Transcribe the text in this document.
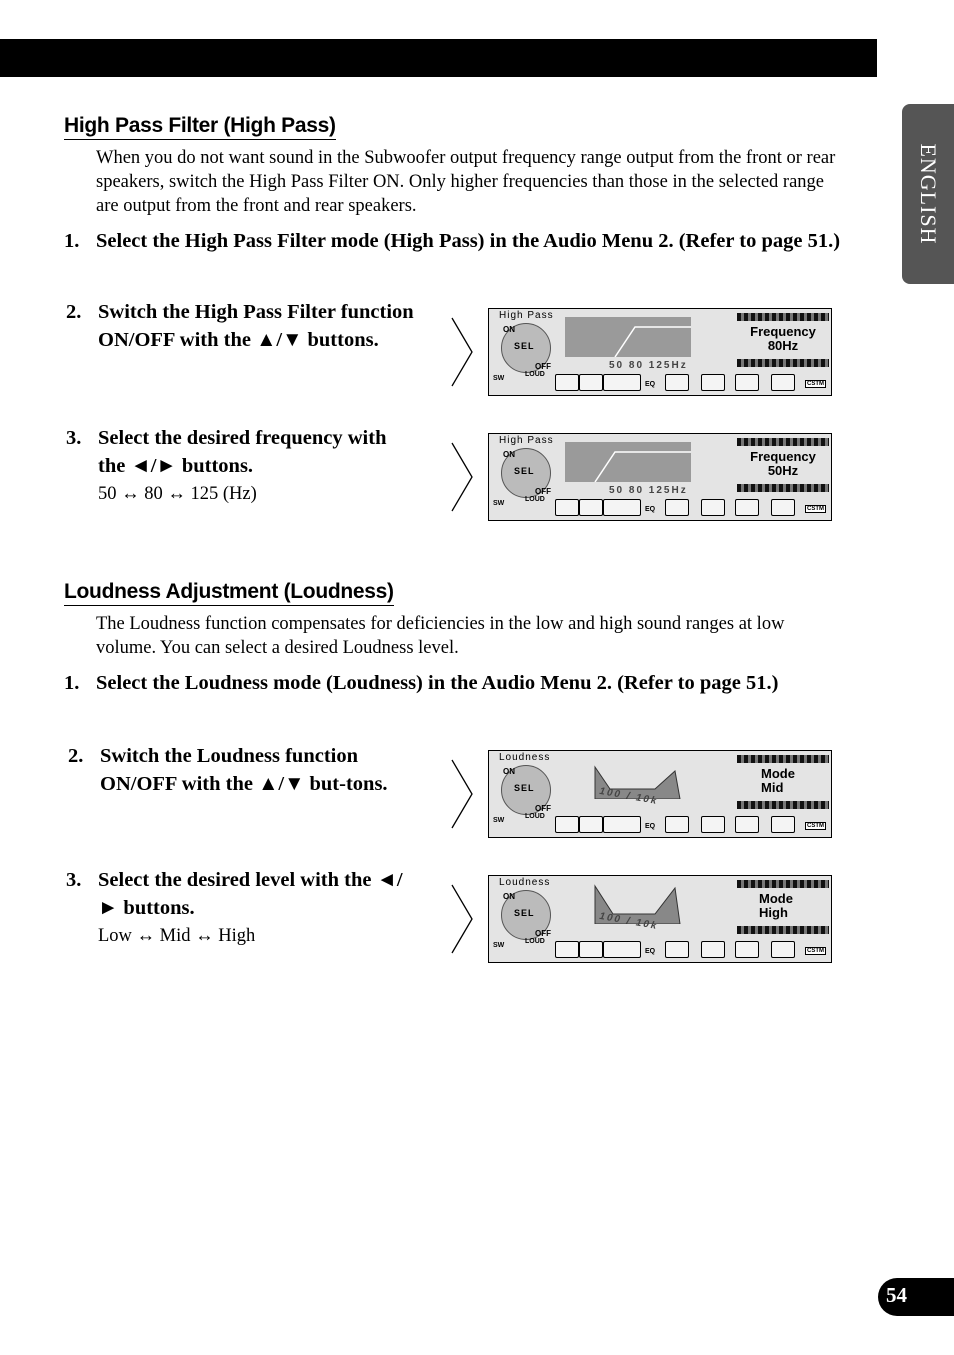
ENGLISH
High Pass Filter (High Pass)
When you do not want sound in the Subwoofer output frequency range output from the front or rear speakers, switch the High Pass Filter ON. Only higher frequencies than those in the selected range are output from the front and rear speakers.
1. Select the High Pass Filter mode (High Pass) in the Audio Menu 2. (Refer to page 51.)
2. Switch the High Pass Filter function ON/OFF with the ▲/▼ buttons.
3. Select the desired frequency with the ◄/► buttons.
50 ↔ 80 ↔ 125 (Hz)
High Pass
SEL
ON
OFF	50 80 125Hz
Frequency
80Hz
SW
LOUD
EQ	CSTM
High Pass
SEL
ON
OFF	50 80 125Hz
Frequency
50Hz
SW
LOUD
EQ	CSTM
Loudness Adjustment (Loudness)
The Loudness function compensates for deficiencies in the low and high sound ranges at low volume. You can select a desired Loudness level.
1. Select the Loudness mode (Loudness) in the Audio Menu 2. (Refer to page 51.)
2. Switch the Loudness function ON/OFF with the ▲/▼ but-tons.
3. Select the desired level with the ◄/► buttons.
Low ↔ Mid ↔ High
Loudness
SEL
ON
OFF
100 / 10k
Mode
Mid
SW
LOUD
EQ	CSTM
Loudness
SEL
ON
OFF
100 / 10k
Mode
High
SW
LOUD
EQ	CSTM
54
